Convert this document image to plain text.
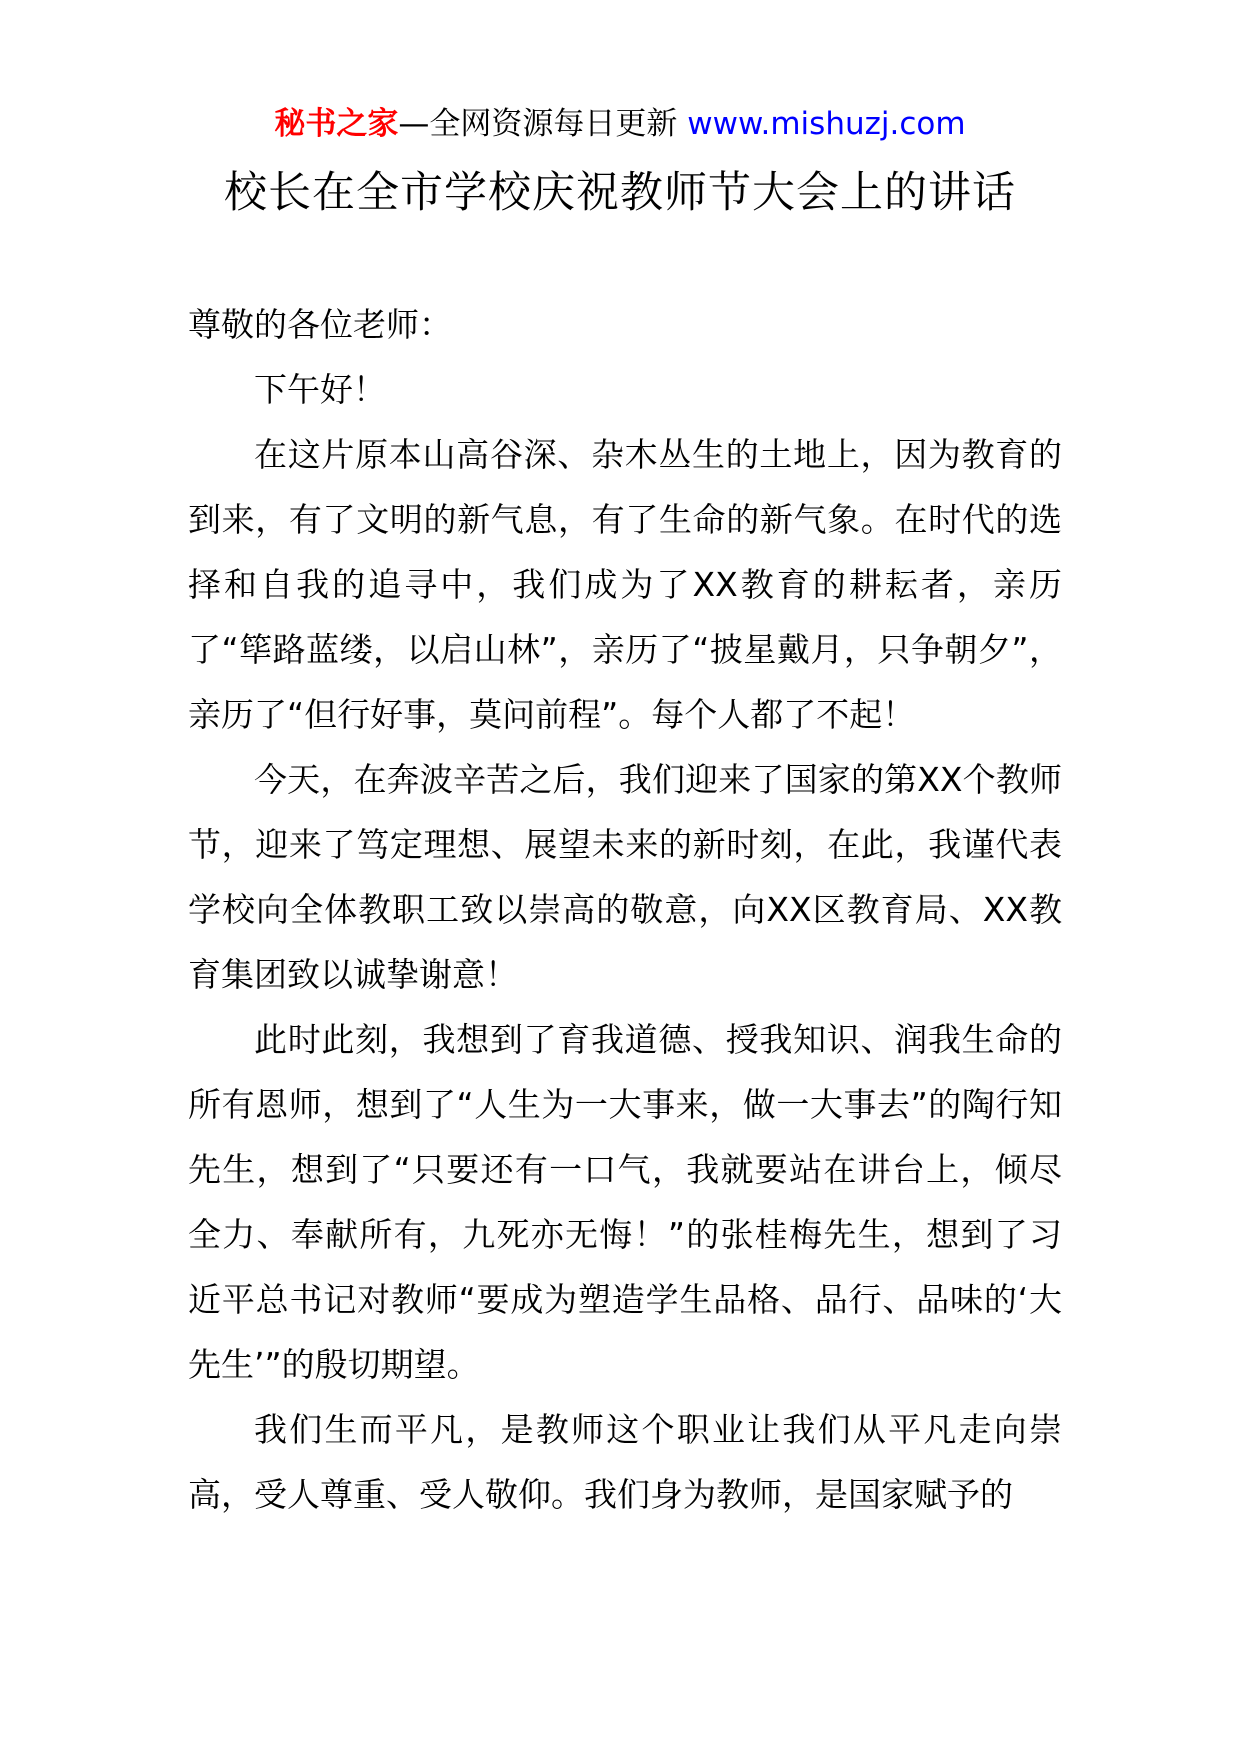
秘书之家—全网资源每日更新 www.mishuzj.com
校长在全市学校庆祝教师节大会上的讲话

尊敬的各位老师：

下午好！

在这片原本山高谷深、杂木丛生的土地上，因为教育的到来，有了文明的新气息，有了生命的新气象。在时代的选择和自我的追寻中，我们成为了XX教育的耕耘者，亲历了“筚路蓝缕，以启山林”，亲历了“披星戴月，只争朝夕”，亲历了“但行好事，莫问前程”。每个人都了不起！

今天，在奔波辛苦之后，我们迎来了国家的第XX个教师节，迎来了笃定理想、展望未来的新时刻，在此，我谨代表学校向全体教职工致以崇高的敬意，向XX区教育局、XX教育集团致以诚挚谢意！

此时此刻，我想到了育我道德、授我知识、润我生命的所有恩师，想到了“人生为一大事来，做一大事去”的陶行知先生，想到了“只要还有一口气，我就要站在讲台上，倾尽全力、奉献所有，九死亦无悔！”的张桂梅先生，想到了习近平总书记对教师“要成为塑造学生品格、品行、品味的‘大先生’”的殷切期望。

我们生而平凡，是教师这个职业让我们从平凡走向崇高，受人尊重、受人敬仰。我们身为教师，是国家赋予的
